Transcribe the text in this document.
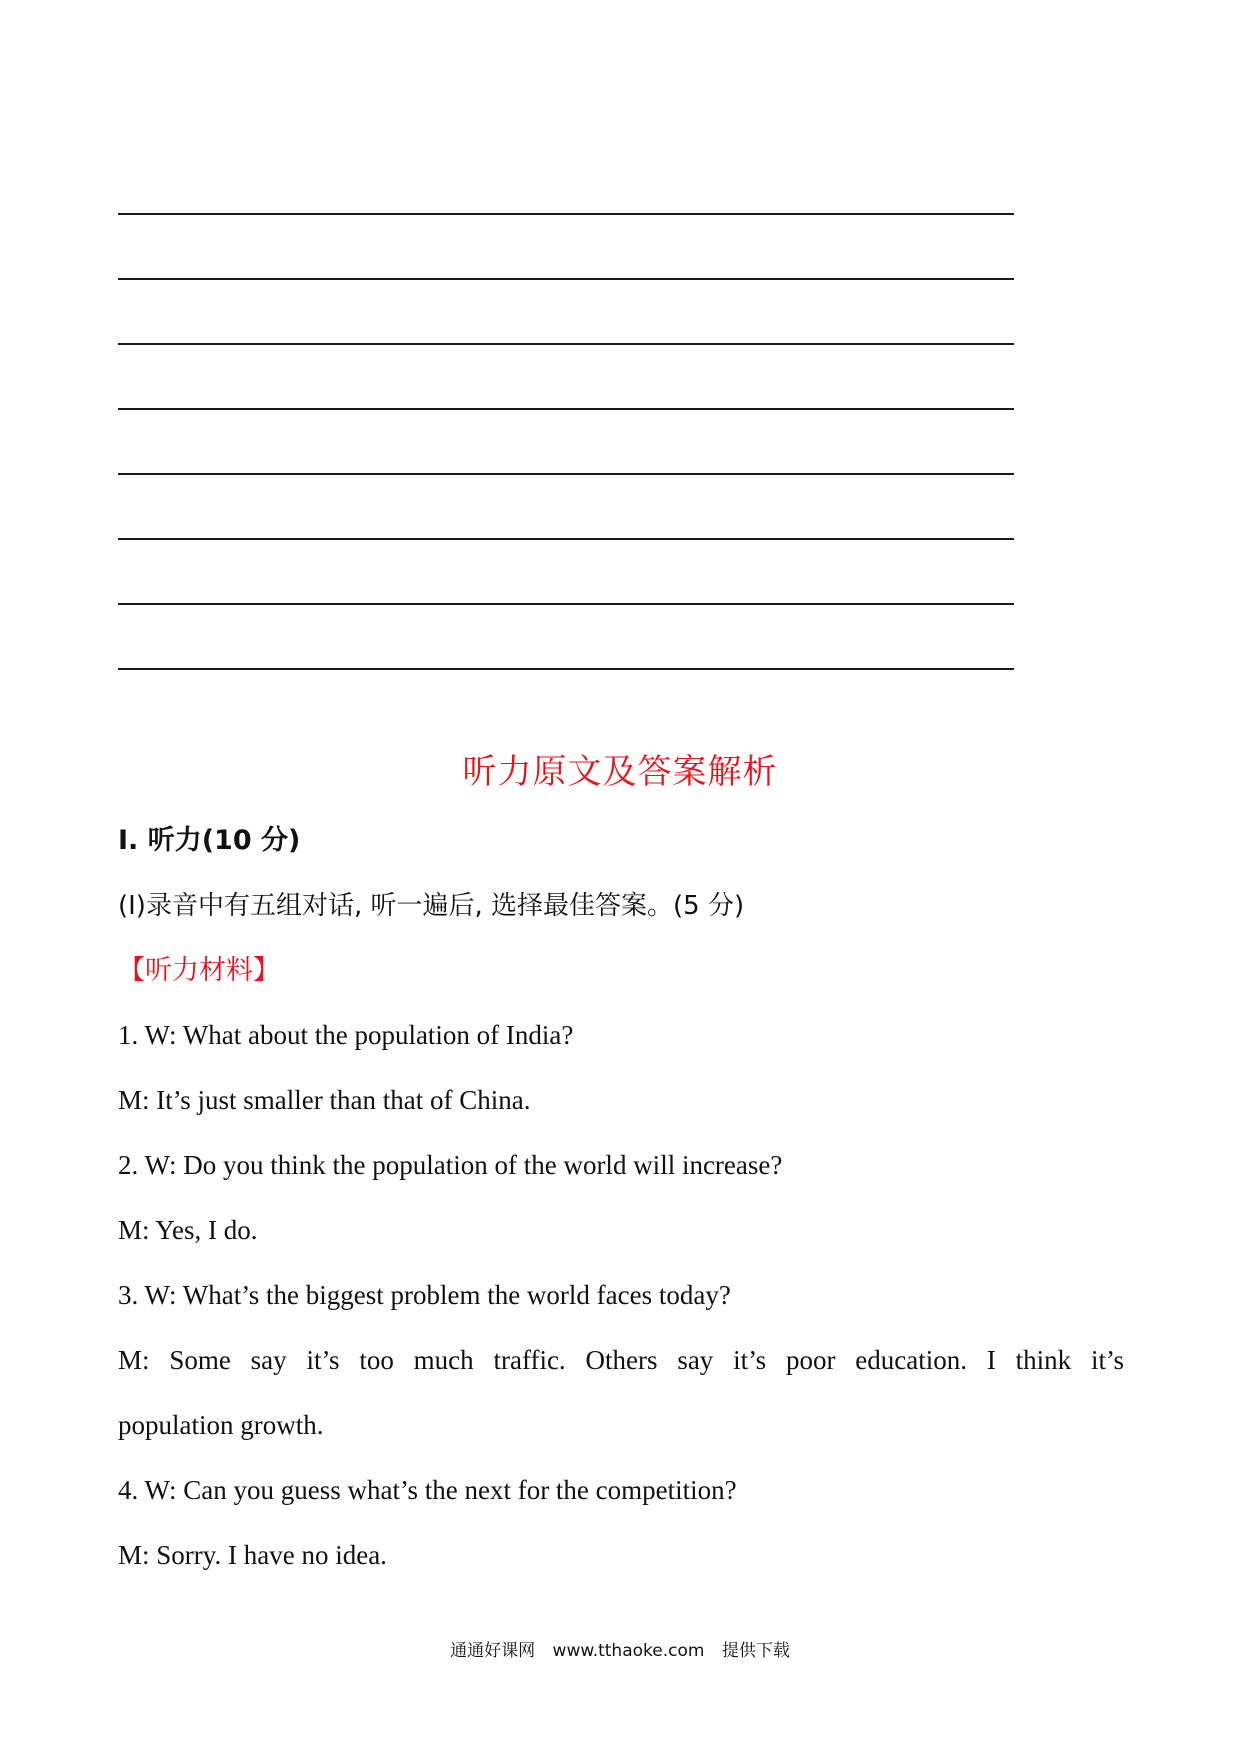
听力原文及答案解析
Ⅰ. 听力(10 分)
(I)录音中有五组对话, 听一遍后, 选择最佳答案。(5 分)
【听力材料】
1. W: What about the population of India?
M: It’s just smaller than that of China.
2. W: Do you think the population of the world will increase?
M: Yes, I do.
3. W: What’s the biggest problem the world faces today?
M: Some say it’s too much traffic. Others say it’s poor education. I think it’s
population growth.
4. W: Can you guess what’s the next for the competition?
M: Sorry. I have no idea.
通通好课网 www.tthaoke.com 提供下载
